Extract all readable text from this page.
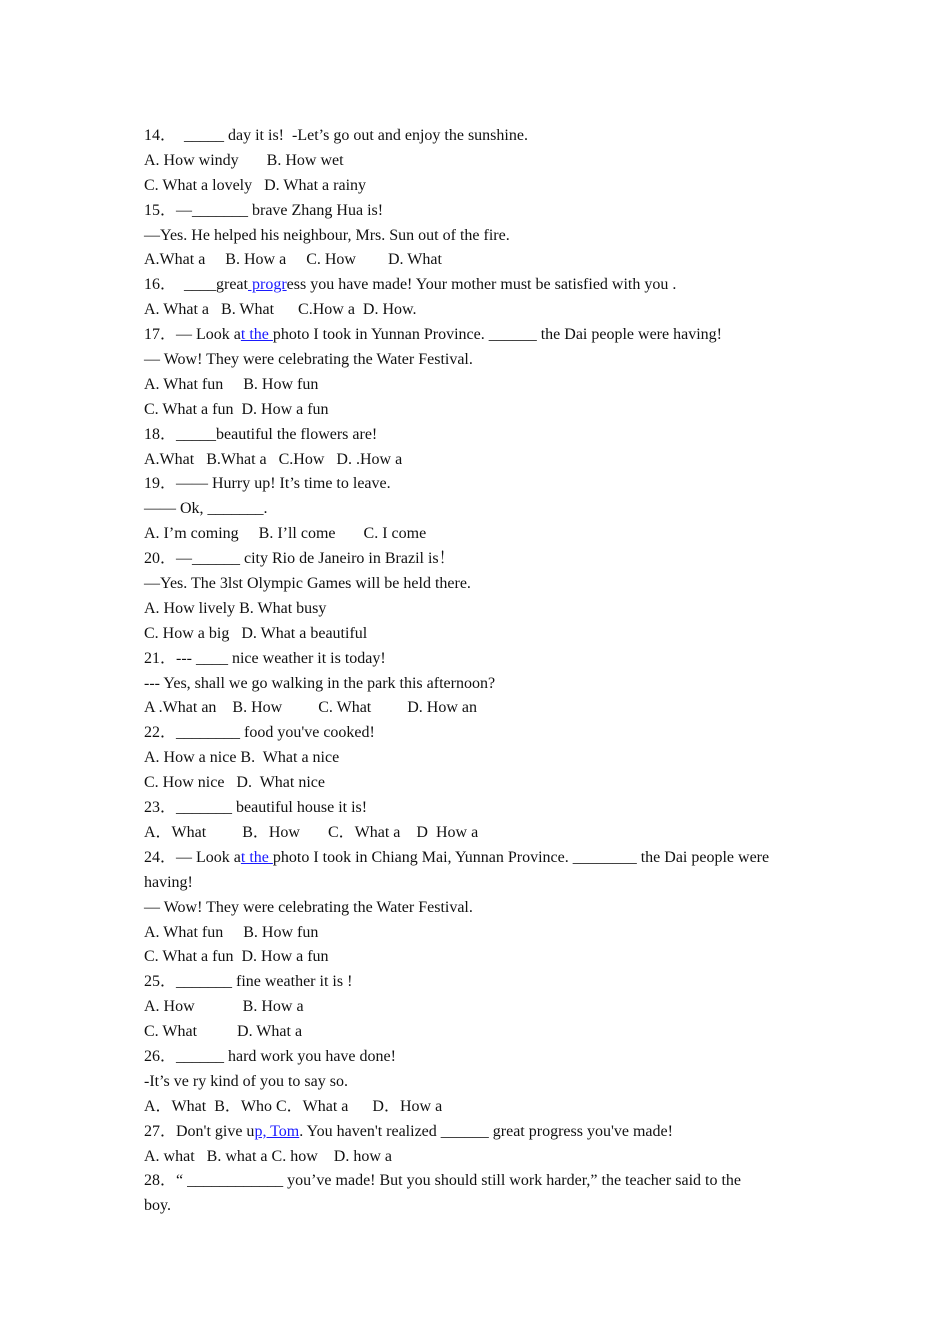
14．  _____ day it is!  -Let’s go out and enjoy the sunshine.
A. How windy       B. How wet
C. What a lovely   D. What a rainy
15．—_______ brave Zhang Hua is!
—Yes. He helped his neighbour, Mrs. Sun out of the fire.
A.What a     B. How a     C. How        D. What
16．  ____great progress you have made! Your mother must be satisfied with you .
A. What a   B. What      C.How a  D. How.
17．— Look at the photo I took in Yunnan Province. ______ the Dai people were having!
— Wow! They were celebrating the Water Festival.
A. What fun     B. How fun
C. What a fun  D. How a fun
18．_____beautiful the flowers are!
A.What   B.What a   C.How   D. .How a
19．—— Hurry up! It’s time to leave.
—— Ok, _______.
A. I’m coming     B. I’ll come       C. I come
20．—______ city Rio de Janeiro in Brazil is！
—Yes. The 3lst Olympic Games will be held there.
A. How lively B. What busy
C. How a big   D. What a beautiful
21．--- ____ nice weather it is today!
--- Yes, shall we go walking in the park this afternoon?
A .What an    B. How         C. What         D. How an
22．________ food you've cooked!
A. How a nice B.  What a nice
C. How nice   D.  What nice
23．_______ beautiful house it is!
A．What         B．How       C．What a    D  How a
24．— Look at the photo I took in Chiang Mai, Yunnan Province. ________ the Dai people were
having!
— Wow! They were celebrating the Water Festival.
A. What fun     B. How fun
C. What a fun  D. How a fun
25．_______ fine weather it is !
A. How            B. How a
C. What          D. What a
26．______ hard work you have done!
-It’s ve ry kind of you to say so.
A．What  B．Who C．What a      D．How a
27．Don't give up, Tom. You haven't realized ______ great progress you've made!
A. what   B. what a C. how    D. how a
28．“ ____________ you’ve made! But you should still work harder,” the teacher said to the
boy.
